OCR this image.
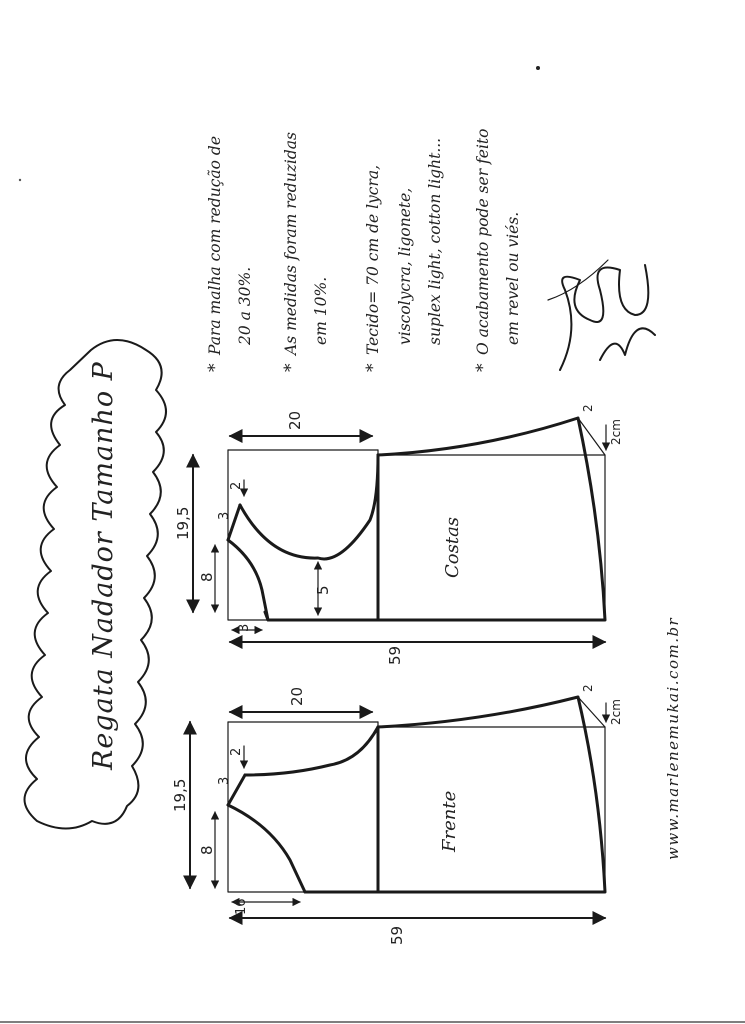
Regata Nadador Tamanho P	20
19,5
8
3
2
3
5
59
2
2cm
Costas
20
19,5
8
3
2
16
59
2
2cm
Frente
*
Para malha com redução de 20 a 30%.
*
As medidas foram reduzidas em 10%.
*
Tecido= 70 cm de lycra, viscolycra, ligonete, suplex light, cotton light...
*
O acabamento pode ser feito em revel ou viés.
www.marlenemukai.com.br
